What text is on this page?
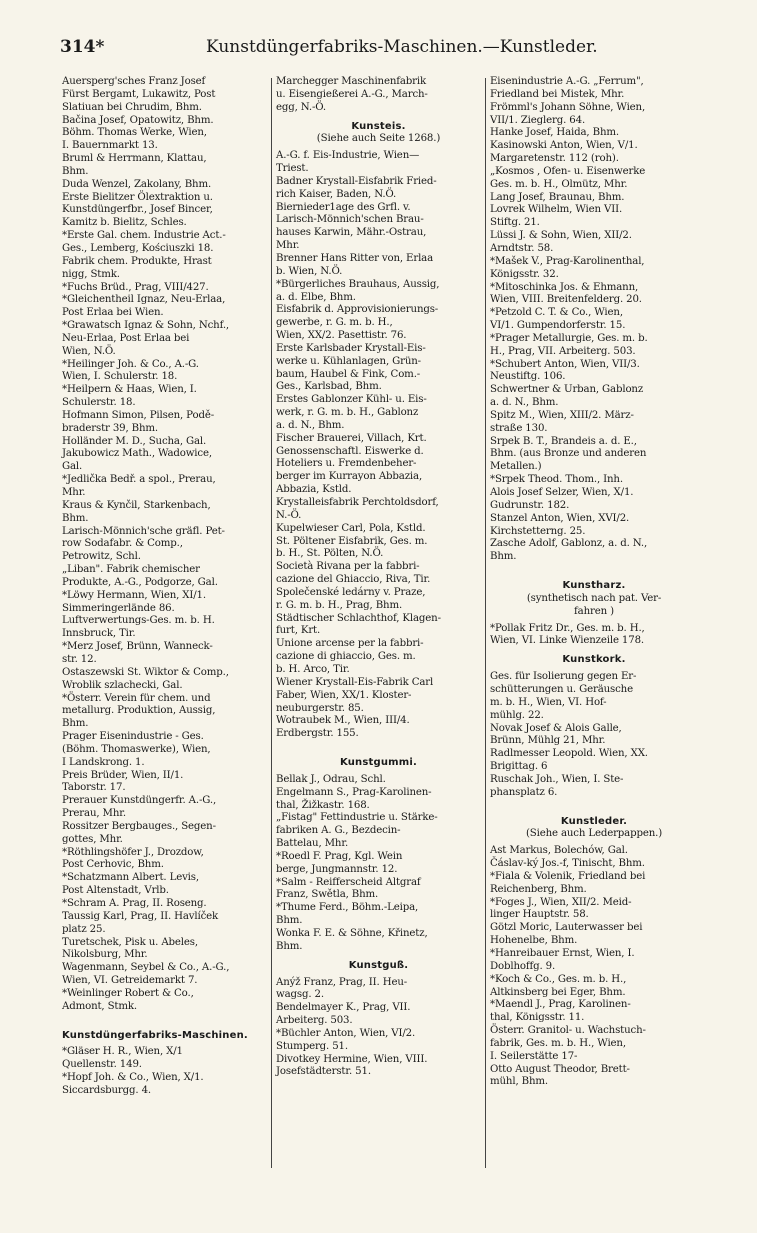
314*	Kunstdüngerfabriks-Maschinen.—Kunstleder.

Auersperg'sches Franz Josef
Fürst Bergamt, Lukawitz, Post
Slatiuan bei Chrudim, Bhm.

Bačina Josef, Opatowitz, Bhm.

Böhm. Thomas Werke, Wien,
I. Bauernmarkt 13.

Bruml & Herrmann, Klattau,
Bhm.

Duda Wenzel, Zakolany, Bhm.

Erste Bielitzer Ölextraktion u.
Kunstdüngerfbr., Josef Bincer,
Kamitz b. Bielitz, Schles.

*Erste Gal. chem. Industrie Act.-
Ges., Lemberg, Kościuszki 18.

Fabrik chem. Produkte, Hrast
nigg, Stmk.

*Fuchs Brüd., Prag, VIII/427.

*Gleichentheil Ignaz, Neu-Erlaa,
Post Erlaa bei Wien.

*Grawatsch Ignaz & Sohn, Nchf.,
Neu-Erlaa, Post Erlaa bei
Wien, N.Ö.

*Heilinger Joh. & Co., A.-G.
Wien, I. Schulerstr. 18.

*Heilpern & Haas, Wien, I.
Schulerstr. 18.

Hofmann Simon, Pilsen, Podě-
braderstr 39, Bhm.

Holländer M. D., Sucha, Gal.

Jakubowicz Math., Wadowice,
Gal.

*Jedlička Bedř. a spol., Prerau,
Mhr.

Kraus & Kynčil, Starkenbach,
Bhm.

Larisch-Mönnich'sche gräfl. Pet-
row Sodafabr. & Comp.,
Petrowitz, Schl.

„Liban". Fabrik chemischer
Produkte, A.-G., Podgorze, Gal.

*Löwy Hermann, Wien, XI/1.
Simmeringerlände 86.

Luftverwertungs-Ges. m. b. H.
Innsbruck, Tir.

*Merz Josef, Brünn, Wanneck-
str. 12.

Ostaszewski St. Wiktor & Comp.,
Wroblik szlachecki, Gal.

*Österr. Verein für chem. und
metallurg. Produktion, Aussig,
Bhm.

Prager Eisenindustrie - Ges.
(Böhm. Thomaswerke), Wien,
I Landskrong. 1.

Preis Brüder, Wien, II/1.
Taborstr. 17.

Prerauer Kunstdüngerfr. A.-G.,
Prerau, Mhr.

Rossitzer Bergbauges., Segen-
gottes, Mhr.

*Röthlingshöfer J., Drozdow,
Post Cerhovic, Bhm.

*Schatzmann Albert. Levis,
Post Altenstadt, Vrlb.

*Schram A. Prag, II. Roseng.

Taussig Karl, Prag, II. Havlíček
platz 25.

Turetschek, Pisk u. Abeles,
Nikolsburg, Mhr.

Wagenmann, Seybel & Co., A.-G.,
Wien, VI. Getreidemarkt 7.

*Weinlinger Robert & Co.,
Admont, Stmk.

Kunstdüngerfabriks-Maschinen.

*Gläser H. R., Wien, X/1
Quellenstr. 149.

*Hopf Joh. & Co., Wien, X/1.
Siccardsburgg. 4.

Marchegger Maschinenfabrik
u. Eisengießerei A.-G., March-
egg, N.-Ö.

Kunsteis.
(Siehe auch Seite 1268.)

A.-G. f. Eis-Industrie, Wien—
Triest.

Badner Krystall-Eisfabrik Fried-
rich Kaiser, Baden, N.Ö.

Biernieder1age des Grfl. v.
Larisch-Mönnich'schen Brau-
hauses Karwin, Mähr.-Ostrau,
Mhr.

Brenner Hans Ritter von, Erlaa
b. Wien, N.Ö.

*Bürgerliches Brauhaus, Aussig,
a. d. Elbe, Bhm.

Eisfabrik d. Approvisionierungs-
gewerbe, r. G. m. b. H.,
Wien, XX/2. Pasettistr. 76.

Erste Karlsbader Krystall-Eis-
werke u. Kühlanlagen, Grün-
baum, Haubel & Fink, Com.-
Ges., Karlsbad, Bhm.

Erstes Gablonzer Kühl- u. Eis-
werk, r. G. m. b. H., Gablonz
a. d. N., Bhm.

Fischer Brauerei, Villach, Krt.

Genossenschaftl. Eiswerke d.
Hoteliers u. Fremdenbeher-
berger im Kurrayon Abbazia,
Abbazia, Kstld.

Krystalleisfabrik Perchtoldsdorf,
N.-Ö.

Kupelwieser Carl, Pola, Kstld.

St. Pöltener Eisfabrik, Ges. m.
b. H., St. Pölten, N.Ö.

Società Rivana per la fabbri-
cazione del Ghiaccio, Riva, Tir.

Společenské ledárny v. Praze,
r. G. m. b. H., Prag, Bhm.

Städtischer Schlachthof, Klagen-
furt, Krt.

Unione arcense per la fabbri-
cazione di ghiaccio, Ges. m.
b. H. Arco, Tir.

Wiener Krystall-Eis-Fabrik Carl
Faber, Wien, XX/1. Kloster-
neuburgerstr. 85.

Wotraubek M., Wien, III/4.
Erdbergstr. 155.

Kunstgummi.

Bellak J., Odrau, Schl.

Engelmann S., Prag-Karolinen-
thal, Žižkastr. 168.

„Fistag" Fettindustrie u. Stärke-
fabriken A. G., Bezdecin-
Battelau, Mhr.

*Roedl F. Prag, Kgl. Wein
berge, Jungmannstr. 12.

*Salm - Reifferscheid Altgraf
Franz, Swětla, Bhm.

*Thume Ferd., Böhm.-Leipa,
Bhm.

Wonka F. E. & Söhne, Křinetz,
Bhm.

Kunstguß.

Anýž Franz, Prag, II. Heu-
wagsg. 2.

Bendelmayer K., Prag, VII.
Arbeiterg. 503.

*Büchler Anton, Wien, VI/2.
Stumperg. 51.

Divotkey Hermine, Wien, VIII.
Josefstädterstr. 51.

Eisenindustrie A.-G. „Ferrum",
Friedland bei Mistek, Mhr.

Frömml's Johann Söhne, Wien,
VII/1. Zieglerg. 64.

Hanke Josef, Haida, Bhm.

Kasinowski Anton, Wien, V/1.
Margaretenstr. 112 (roh).

„Kosmos , Ofen- u. Eisenwerke
Ges. m. b. H., Olmütz, Mhr.

Lang Josef, Braunau, Bhm.

Lovrek Wilhelm, Wien VII.
Stiftg. 21.

Lüssi J. & Sohn, Wien, XII/2.
Arndtstr. 58.

*Mašek V., Prag-Karolinenthal,
Königsstr. 32.

*Mitoschinka Jos. & Ehmann,
Wien, VIII. Breitenfelderg. 20.

*Petzold C. T. & Co., Wien,
VI/1. Gumpendorferstr. 15.

*Prager Metallurgie, Ges. m. b.
H., Prag, VII. Arbeiterg. 503.

*Schubert Anton, Wien, VII/3.
Neustiftg. 106.

Schwertner & Urban, Gablonz
a. d. N., Bhm.

Spitz M., Wien, XIII/2. März-
straße 130.

Srpek B. T., Brandeis a. d. E.,
Bhm. (aus Bronze und anderen
Metallen.)

*Srpek Theod. Thom., Inh.
Alois Josef Selzer, Wien, X/1.
Gudrunstr. 182.

Stanzel Anton, Wien, XVI/2.
Kirchstetterng. 25.

Zasche Adolf, Gablonz, a. d. N.,
Bhm.

Kunstharz.
(synthetisch nach pat. Ver-
fahren )

*Pollak Fritz Dr., Ges. m. b. H.,
Wien, VI. Linke Wienzeile 178.

Kunstkork.

Ges. für Isolierung gegen Er-
schütterungen u. Geräusche
m. b. H., Wien, VI. Hof-
mühlg. 22.

Novak Josef & Alois Galle,
Brünn, Mühlg 21, Mhr.

Radlmesser Leopold. Wien, XX.
Brigittag. 6

Ruschak Joh., Wien, I. Ste-
phansplatz 6.

Kunstleder.
(Siehe auch Lederpappen.)

Ast Markus, Bolechów, Gal.

Čáslav-ký Jos.-f, Tinischt, Bhm.

*Fiala & Volenik, Friedland bei
Reichenberg, Bhm.

*Foges J., Wien, XII/2. Meid-
linger Hauptstr. 58.

Götzl Moric, Lauterwasser bei
Hohenelbe, Bhm.

*Hanreibauer Ernst, Wien, I.
Doblhoffg. 9.

*Koch & Co., Ges. m. b. H.,
Altkinsberg bei Eger, Bhm.

*Maendl J., Prag, Karolinen-
thal, Königsstr. 11.

Österr. Granitol- u. Wachstuch-
fabrik, Ges. m. b. H., Wien,
I. Seilerstätte 17-

Otto August Theodor, Brett-
mühl, Bhm.
